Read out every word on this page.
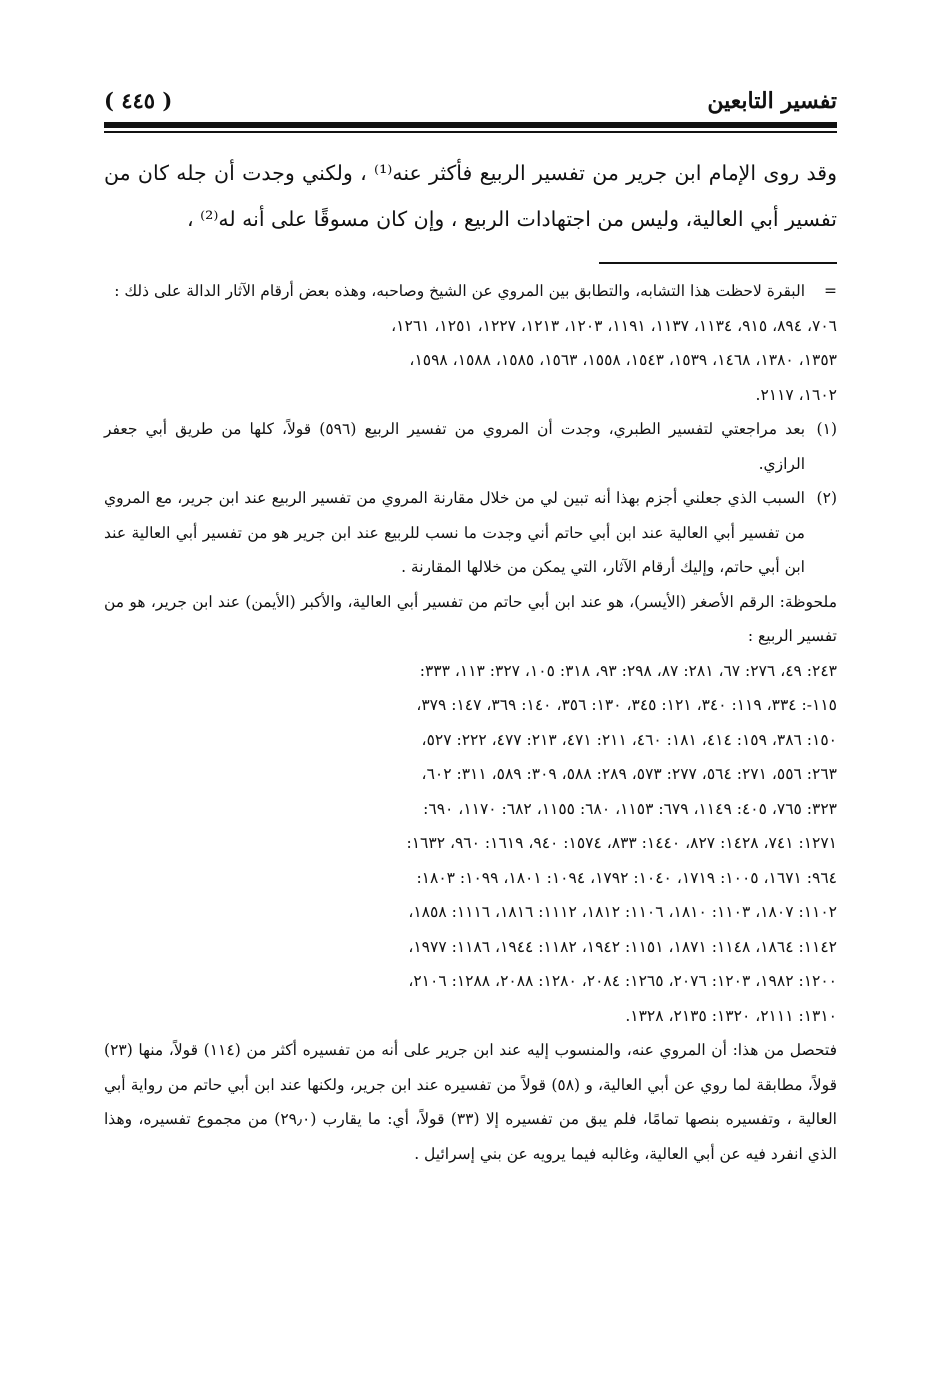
تفسير التابعين
( ٤٤٥ )

وقد روى الإمام ابن جرير من تفسير الربيع فأكثر عنه⁽¹⁾ ، ولكني وجدت أن جله كان من تفسير أبي العالية، وليس من اجتهادات الربيع ، وإن كان مسوقًا على أنه له⁽²⁾ ،

=
البقرة لاحظت هذا التشابه، والتطابق بين المروي عن الشيخ وصاحبه، وهذه بعض أرقام الآثار الدالة على ذلك :

٧٠٦، ٨٩٤، ٩١٥، ١١٣٤، ١١٣٧، ١١٩١، ١٢٠٣، ١٢١٣، ١٢٢٧، ١٢٥١، ١٢٦١،

١٣٥٣، ١٣٨٠، ١٤٦٨، ١٥٣٩، ١٥٤٣، ١٥٥٨، ١٥٦٣، ١٥٨٥، ١٥٨٨، ١٥٩٨،

١٦٠٢، ٢١١٧.

(١)
بعد مراجعتي لتفسير الطبري، وجدت أن المروي من تفسير الربيع (٥٩٦) قولاً، كلها من طريق أبي جعفر الرازي.
(٢)
السبب الذي جعلني أجزم بهذا أنه تبين لي من خلال مقارنة المروي من تفسير الربيع عند ابن جرير، مع المروي من تفسير أبي العالية عند ابن أبي حاتم أني وجدت ما نسب للربيع عند ابن جرير هو من تفسير أبي العالية عند ابن أبي حاتم، وإليك أرقام الآثار، التي يمكن من خلالها المقارنة .

ملحوظة: الرقم الأصغر (الأيسر)، هو عند ابن أبي حاتم من تفسير أبي العالية، والأكبر (الأيمن) عند ابن جرير، هو من تفسير الربيع :

٢٤٣: ٤٩، ٢٧٦: ٦٧، ٢٨١: ٨٧، ٢٩٨: ٩٣، ٣١٨: ١٠٥، ٣٢٧: ١١٣، ٣٣٣:

١١٥-: ٣٣٤، ١١٩: ٣٤٠، ١٢١: ٣٤٥، ١٣٠: ٣٥٦، ١٤٠: ٣٦٩، ١٤٧: ٣٧٩،

١٥٠: ٣٨٦، ١٥٩: ٤١٤، ١٨١: ٤٦٠، ٢١١: ٤٧١، ٢١٣: ٤٧٧، ٢٢٢: ٥٢٧،

٢٦٣: ٥٥٦، ٢٧١: ٥٦٤، ٢٧٧: ٥٧٣، ٢٨٩: ٥٨٨، ٣٠٩: ٥٨٩، ٣١١: ٦٠٢،

٣٢٣: ٧٦٥، ٤٠٥: ١١٤٩، ٦٧٩: ١١٥٣، ٦٨٠: ١١٥٥، ٦٨٢: ١١٧٠، ٦٩٠:

١٢٧١: ٧٤١، ١٤٢٨: ٨٢٧، ١٤٤٠: ٨٣٣، ١٥٧٤: ٩٤٠، ١٦١٩: ٩٦٠، ١٦٣٢:

٩٦٤: ١٦٧١، ١٠٠٥: ١٧١٩، ١٠٤٠: ١٧٩٢، ١٠٩٤: ١٨٠١، ١٠٩٩: ١٨٠٣:

١١٠٢: ١٨٠٧، ١١٠٣: ١٨١٠، ١١٠٦: ١٨١٢، ١١١٢: ١٨١٦، ١١١٦: ١٨٥٨،

١١٤٢: ١٨٦٤، ١١٤٨: ١٨٧١، ١١٥١: ١٩٤٢، ١١٨٢: ١٩٤٤، ١١٨٦: ١٩٧٧،

١٢٠٠: ١٩٨٢، ١٢٠٣: ٢٠٧٦، ١٢٦٥: ٢٠٨٤، ١٢٨٠: ٢٠٨٨، ١٢٨٨: ٢١٠٦،

١٣١٠: ٢١١١، ١٣٢٠: ٢١٣٥، ١٣٢٨.

فتحصل من هذا: أن المروي عنه، والمنسوب إليه عند ابن جرير على أنه من تفسيره أكثر من (١١٤) قولاً، منها (٢٣) قولاً، مطابقة لما روي عن أبي العالية، و (٥٨) قولاً من تفسيره عند ابن جرير، ولكنها عند ابن أبي حاتم من رواية أبي العالية ، وتفسيره بنصها تمامًا، فلم يبق من تفسيره إلا (٣٣) قولاً، أي: ما يقارب (٢٩٫٠) من مجموع تفسيره، وهذا الذي انفرد فيه عن أبي العالية، وغالبه فيما يرويه عن بني إسرائيل .
